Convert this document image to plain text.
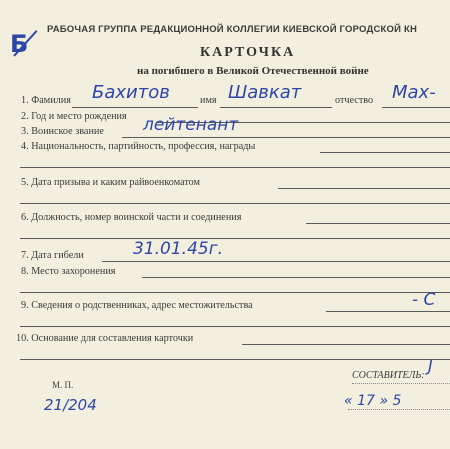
РАБОЧАЯ ГРУППА РЕДАКЦИОННОЙ КОЛЛЕГИИ КИЕВСКОЙ ГОРОДСКОЙ КН
Б	КАРТОЧКА
на погибшего в Великой Отечественной войне
1. Фамилия Бахитов	имя Шавкат	отчество Мах-
2. Год и место рождения
3. Воинское звание лейтенант
4. Национальность, партийность, профессия, награды
5. Дата призыва и каким райвоенкоматом
6. Должность, номер воинской части и соединения
7. Дата гибели	31.01.45г.
8. Место захоронения
9. Сведения о родственниках, адрес местожительства	- С
10. Основание для составления карточки
М. П.
21/204
СОСТАВИТЕЛЬ:
J
« 17 » 5
